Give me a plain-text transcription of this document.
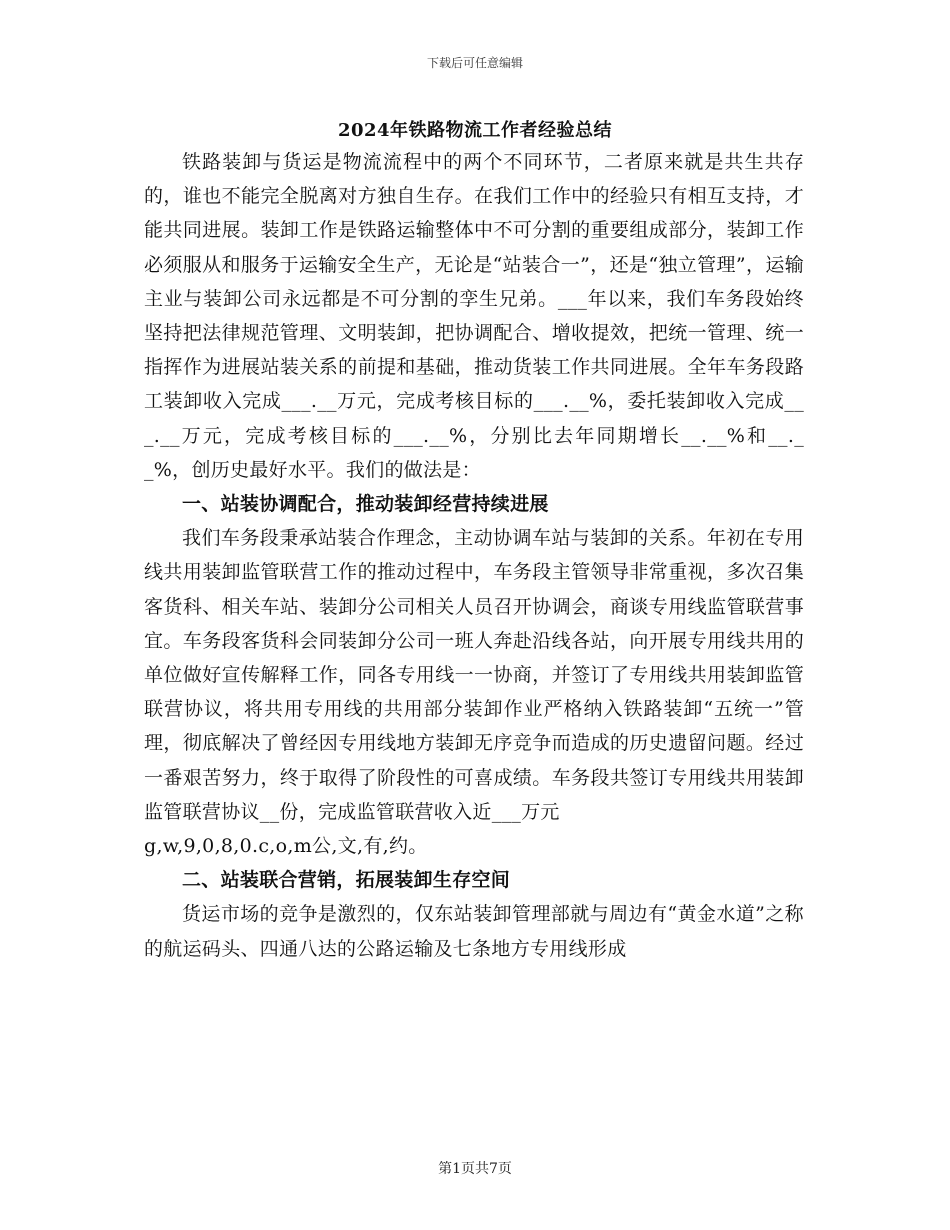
下载后可任意编辑
2024年铁路物流工作者经验总结

铁路装卸与货运是物流流程中的两个不同环节，二者原来就是共生共存的，谁也不能完全脱离对方独自生存。在我们工作中的经验只有相互支持，才能共同进展。装卸工作是铁路运输整体中不可分割的重要组成部分，装卸工作必须服从和服务于运输安全生产，无论是“站装合一”，还是“独立管理”，运输主业与装卸公司永远都是不可分割的孪生兄弟。___年以来，我们车务段始终坚持把法律规范管理、文明装卸，把协调配合、增收提效，把统一管理、统一指挥作为进展站装关系的前提和基础，推动货装工作共同进展。全年车务段路工装卸收入完成___.__万元，完成考核目标的___.__%，委托装卸收入完成___.__万元，完成考核目标的___.__%，分别比去年同期增长__.__%和__.__%，创历史最好水平。我们的做法是：

一、站装协调配合，推动装卸经营持续进展

我们车务段秉承站装合作理念，主动协调车站与装卸的关系。年初在专用线共用装卸监管联营工作的推动过程中，车务段主管领导非常重视，多次召集客货科、相关车站、装卸分公司相关人员召开协调会，商谈专用线监管联营事宜。车务段客货科会同装卸分公司一班人奔赴沿线各站，向开展专用线共用的单位做好宣传解释工作，同各专用线一一协商，并签订了专用线共用装卸监管联营协议，将共用专用线的共用部分装卸作业严格纳入铁路装卸“五统一”管理，彻底解决了曾经因专用线地方装卸无序竞争而造成的历史遗留问题。经过一番艰苦努力，终于取得了阶段性的可喜成绩。车务段共签订专用线共用装卸监管联营协议__份，完成监管联营收入近___万元

g,w,9,0,8,0.c,o,m公,文,有,约。

二、站装联合营销，拓展装卸生存空间

货运市场的竞争是激烈的，仅东站装卸管理部就与周边有“黄金水道”之称的航运码头、四通八达的公路运输及七条地方专用线形成

第1页共7页
